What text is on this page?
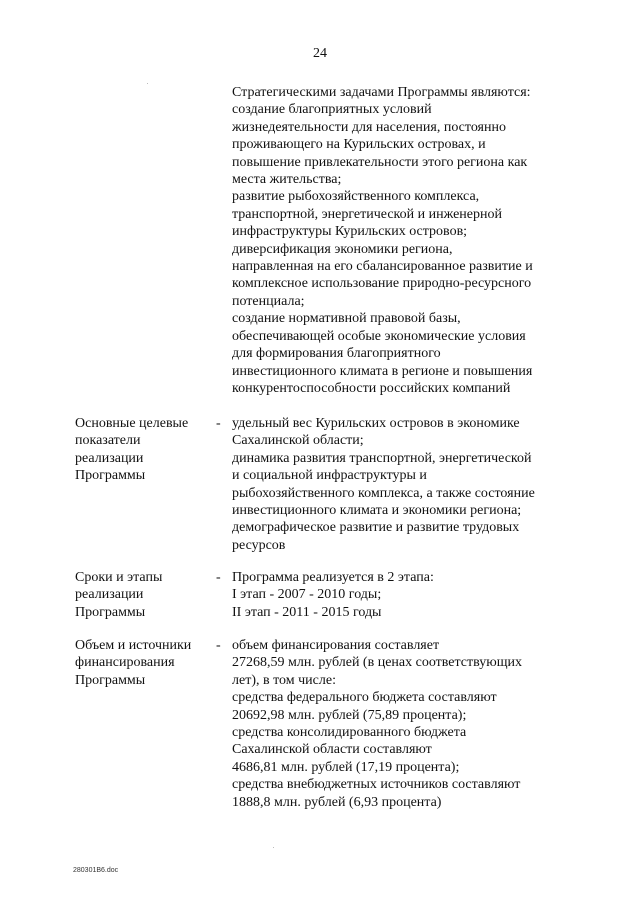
24
Стратегическими задачами Программы являются:
создание благоприятных условий
жизнедеятельности для населения, постоянно
проживающего на Курильских островах, и
повышение привлекательности этого региона как
места жительства;
развитие рыбохозяйственного комплекса,
транспортной, энергетической и инженерной
инфраструктуры Курильских островов;
диверсификация экономики региона,
направленная на его сбалансированное развитие и
комплексное использование природно-ресурсного
потенциала;
создание нормативной правовой базы,
обеспечивающей особые экономические условия
для формирования благоприятного
инвестиционного климата в регионе и повышения
конкурентоспособности российских компаний
Основные целевые
показатели
реализации
Программы
- удельный вес Курильских островов в экономике
Сахалинской области;
динамика развития транспортной, энергетической
и социальной инфраструктуры и
рыбохозяйственного комплекса, а также состояние
инвестиционного климата и экономики региона;
демографическое развитие и развитие трудовых
ресурсов
Сроки и этапы
реализации
Программы
- Программа реализуется в 2 этапа:
I этап - 2007 - 2010 годы;
II этап - 2011 - 2015 годы
Объем и источники
финансирования
Программы
- объем финансирования составляет
27268,59 млн. рублей (в ценах соответствующих
лет), в том числе:
средства федерального бюджета составляют
20692,98 млн. рублей (75,89 процента);
средства консолидированного бюджета
Сахалинской области составляют
4686,81 млн. рублей (17,19 процента);
средства внебюджетных источников составляют
1888,8 млн. рублей (6,93 процента)
280301B6.doc
